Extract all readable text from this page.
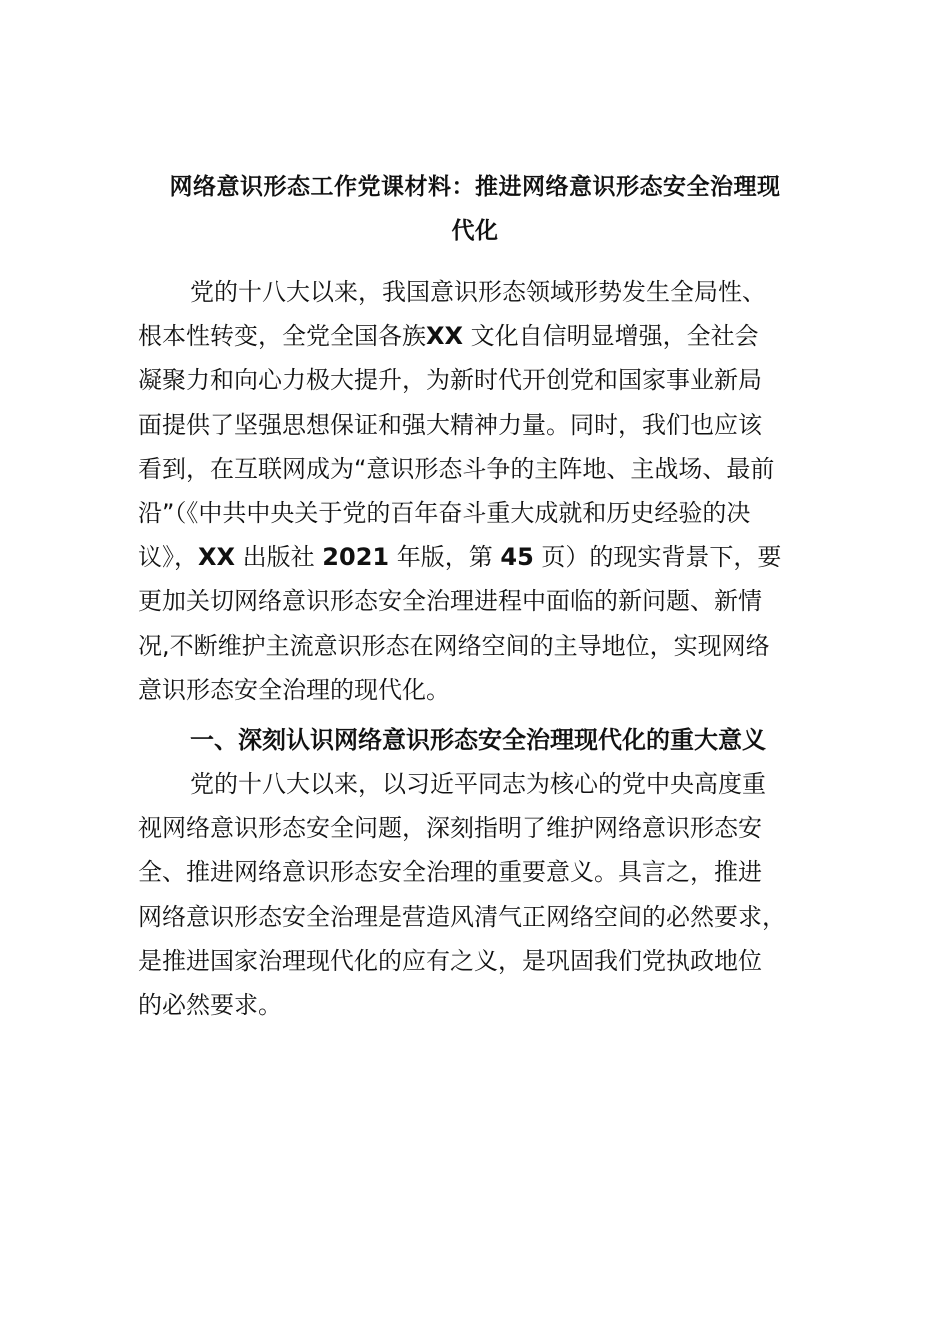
网络意识形态工作党课材料：推进网络意识形态安全治理现
代化
党的十八大以来，我国意识形态领域形势发生全局性、
根本性转变，全党全国各族XX 文化自信明显增强，全社会
凝聚力和向心力极大提升，为新时代开创党和国家事业新局
面提供了坚强思想保证和强大精神力量。同时，我们也应该
看到，在互联网成为“意识形态斗争的主阵地、主战场、最前
沿”（《中共中央关于党的百年奋斗重大成就和历史经验的决
议》，XX 出版社 2021 年版，第 45 页）的现实背景下，要
更加关切网络意识形态安全治理进程中面临的新问题、新情
况,不断维护主流意识形态在网络空间的主导地位，实现网络
意识形态安全治理的现代化。
一、深刻认识网络意识形态安全治理现代化的重大意义
党的十八大以来，以习近平同志为核心的党中央高度重
视网络意识形态安全问题，深刻指明了维护网络意识形态安
全、推进网络意识形态安全治理的重要意义。具言之，推进
网络意识形态安全治理是营造风清气正网络空间的必然要求，
是推进国家治理现代化的应有之义，是巩固我们党执政地位
的必然要求。
